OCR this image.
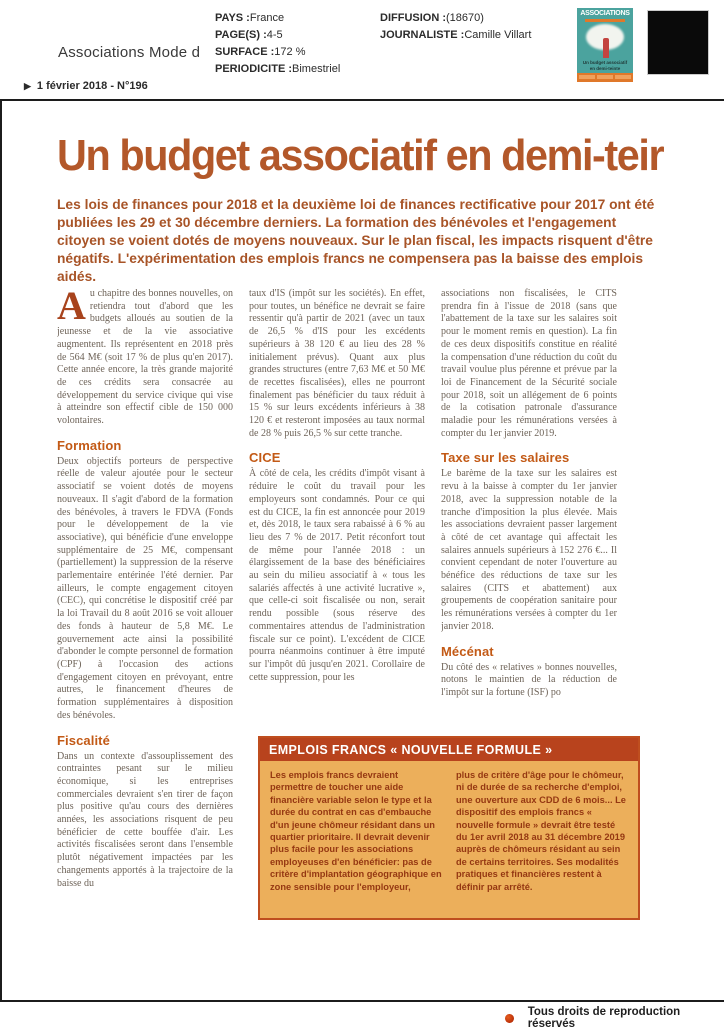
Associations Mode d
▶ 1 février 2018 - N°196
PAYS :France
PAGE(S) :4-5
SURFACE :172 %
PERIODICITE :Bimestriel
DIFFUSION :(18670)
JOURNALISTE :Camille Villart
ASSOCIATIONS
Un budget associatif
en demi-teinte
Un budget associatif en demi-teir
Les lois de finances pour 2018 et la deuxième loi de finances rectificative pour 2017 ont été publiées les 29 et 30 décembre derniers. La formation des bénévoles et l'engagement citoyen se voient dotés de moyens nouveaux. Sur le plan fiscal, les impacts risquent d'être négatifs. L'expérimentation des emplois francs ne compensera pas la baisse des emplois aidés.

Au chapitre des bonnes nouvelles, on retiendra tout d'abord que les budgets alloués au soutien de la jeunesse et de la vie associative augmentent. Ils représentent en 2018 près de 564 M€ (soit 17 % de plus qu'en 2017). Cette année encore, la très grande majorité de ces crédits sera consacrée au développement du service civique qui vise à atteindre son effectif cible de 150 000 volontaires.

Formation

Deux objectifs porteurs de perspective réelle de valeur ajoutée pour le secteur associatif se voient dotés de moyens nouveaux. Il s'agit d'abord de la formation des bénévoles, à travers le FDVA (Fonds pour le développement de la vie associative), qui bénéficie d'une enveloppe supplémentaire de 25 M€, compensant (partiellement) la suppression de la réserve parlementaire entérinée l'été dernier. Par ailleurs, le compte engagement citoyen (CEC), qui concrétise le dispositif créé par la loi Travail du 8 août 2016 se voit allouer des fonds à hauteur de 5,8 M€. Le gouvernement acte ainsi la possibilité d'abonder le compte personnel de formation (CPF) à l'occasion des actions d'engagement citoyen en prévoyant, entre autres, le financement d'heures de formation supplémentaires à disposition des bénévoles.

Fiscalité

Dans un contexte d'assouplissement des contraintes pesant sur le milieu économique, si les entreprises commerciales devraient s'en tirer de façon plus positive qu'au cours des dernières années, les associations risquent de peu bénéficier de cette bouffée d'air. Les activités fiscalisées seront dans l'ensemble plutôt négativement impactées par les changements apportés à la trajectoire de la baisse du

taux d'IS (impôt sur les sociétés). En effet, pour toutes, un bénéfice ne devrait se faire ressentir qu'à partir de 2021 (avec un taux de 26,5 % d'IS pour les excédents supérieurs à 38 120 € au lieu des 28 % initialement prévus). Quant aux plus grandes structures (entre 7,63 M€ et 50 M€ de recettes fiscalisées), elles ne pourront finalement pas bénéficier du taux réduit à 15 % sur leurs excédents inférieurs à 38 120 € et resteront imposées au taux normal de 28 % puis 26,5 % sur cette tranche.

CICE

À côté de cela, les crédits d'impôt visant à réduire le coût du travail pour les employeurs sont condamnés. Pour ce qui est du CICE, la fin est annoncée pour 2019 et, dès 2018, le taux sera rabaissé à 6 % au lieu des 7 % de 2017. Petit réconfort tout de même pour l'année 2018 : un élargissement de la base des bénéficiaires au sein du milieu associatif à « tous les salariés affectés à une activité lucrative », que celle-ci soit fiscalisée ou non, serait rendu possible (sous réserve des commentaires attendus de l'administration fiscale sur ce point). L'excédent de CICE pourra néanmoins continuer à être imputé sur l'impôt dû jusqu'en 2021. Corollaire de cette suppression, pour les

associations non fiscalisées, le CITS prendra fin à l'issue de 2018 (sans que l'abattement de la taxe sur les salaires soit pour le moment remis en question). La fin de ces deux dispositifs constitue en réalité la compensation d'une réduction du coût du travail voulue plus pérenne et prévue par la loi de Financement de la Sécurité sociale pour 2018, soit un allégement de 6 points de la cotisation patronale d'assurance maladie pour les rémunérations versées à compter du 1er janvier 2019.

Taxe sur les salaires

Le barème de la taxe sur les salaires est revu à la baisse à compter du 1er janvier 2018, avec la suppression notable de la tranche d'imposition la plus élevée. Mais les associations devraient passer largement à côté de cet avantage qui affectait les salaires annuels supérieurs à 152 276 €... Il convient cependant de noter l'ouverture au bénéfice des réductions de taxe sur les salaires (CITS et abattement) aux groupements de coopération sanitaire pour les rémunérations versées à compter du 1er janvier 2018.

Mécénat

Du côté des « relatives » bonnes nouvelles, notons le maintien de la réduction de l'impôt sur la fortune (ISF) po

EMPLOIS FRANCS « NOUVELLE FORMULE »
Les emplois francs devraient permettre de toucher une aide financière variable selon le type et la durée du contrat en cas d'embauche d'un jeune chômeur résidant dans un quartier prioritaire. Il devrait devenir plus facile pour les associations employeuses d'en bénéficier: pas de critère d'implantation géographique en zone sensible pour l'employeur,
plus de critère d'âge pour le chômeur, ni de durée de sa recherche d'emploi, une ouverture aux CDD de 6 mois... Le dispositif des emplois francs « nouvelle formule » devrait être testé du 1er avril 2018 au 31 décembre 2019 auprès de chômeurs résidant au sein de certains territoires. Ses modalités pratiques et financières restent à définir par arrêté.
Tous droits de reproduction réservés
